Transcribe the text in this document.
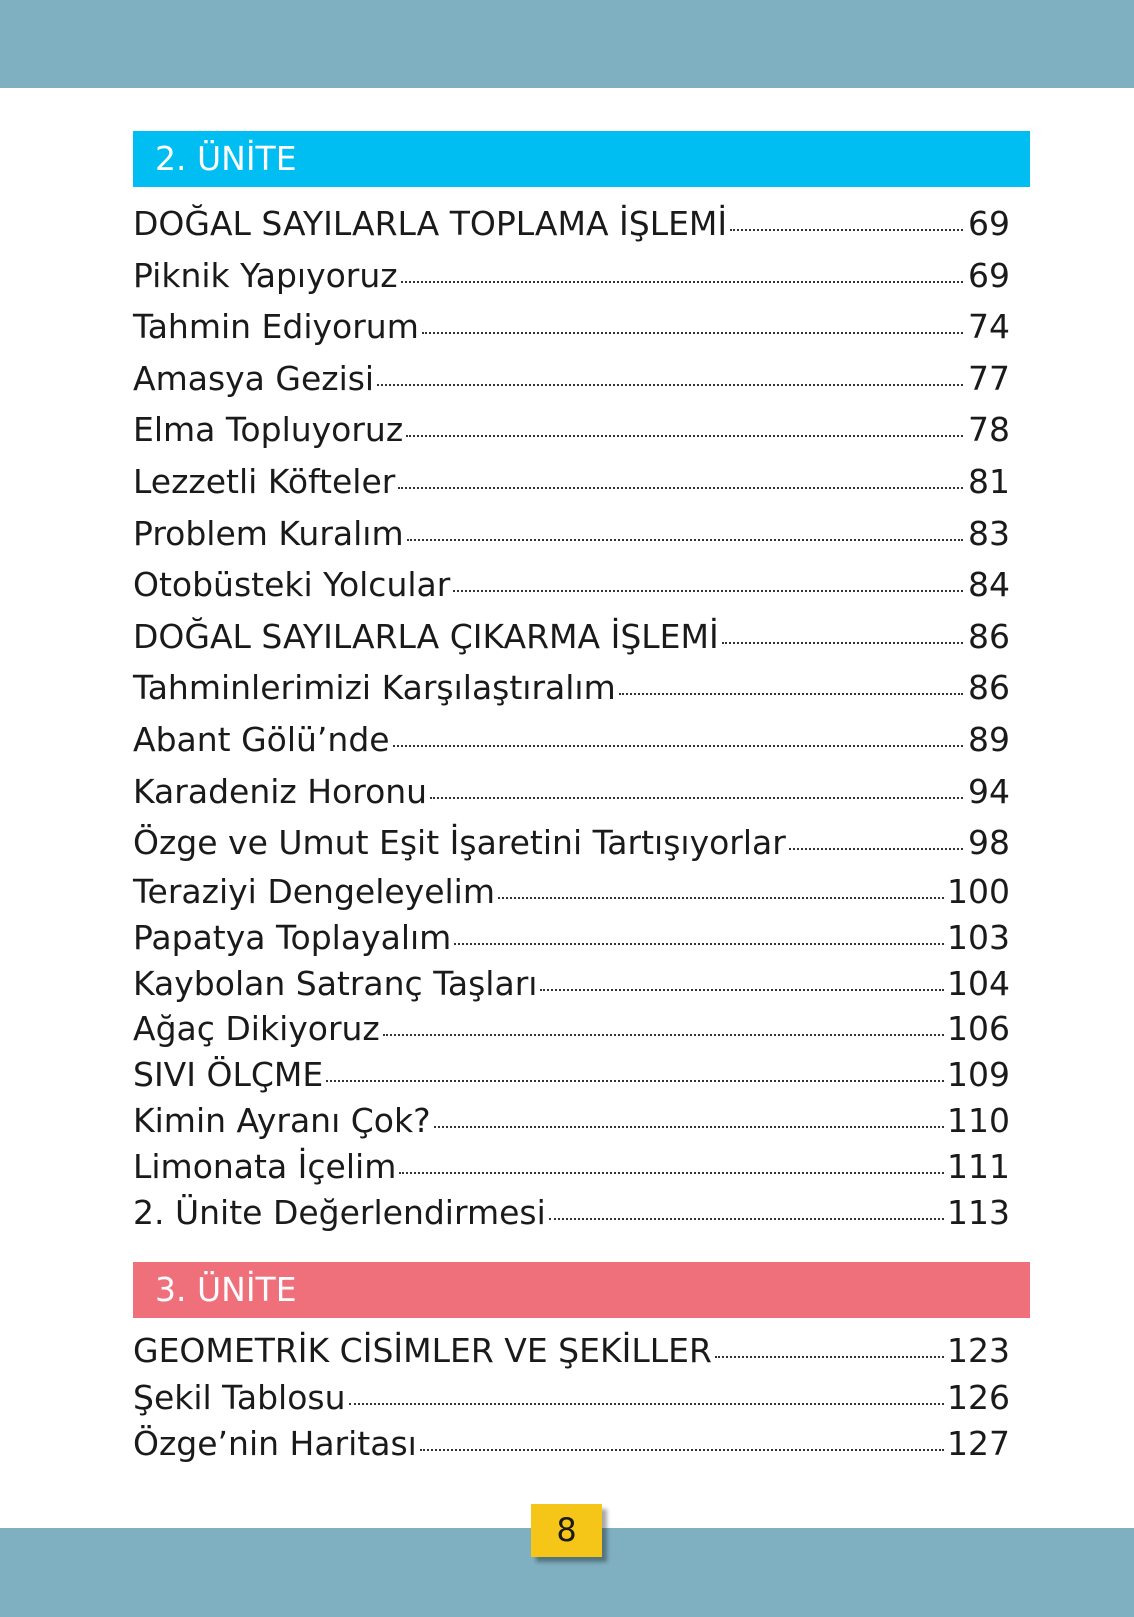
2. ÜNİTE
DOĞAL SAYILARLA TOPLAMA İŞLEMİ	69
Piknik Yapıyoruz	69
Tahmin Ediyorum	74
Amasya Gezisi	77
Elma Topluyoruz	78
Lezzetli Köfteler	81
Problem Kuralım	83
Otobüsteki Yolcular	84
DOĞAL SAYILARLA ÇIKARMA İŞLEMİ	86
Tahminlerimizi Karşılaştıralım	86
Abant Gölü’nde	89
Karadeniz Horonu	94
Özge ve Umut Eşit İşaretini Tartışıyorlar	98
Teraziyi Dengeleyelim	100
Papatya Toplayalım	103
Kaybolan Satranç Taşları	104
Ağaç Dikiyoruz	106
SIVI ÖLÇME	109
Kimin Ayranı Çok?	110
Limonata İçelim	111
2. Ünite Değerlendirmesi	113
3. ÜNİTE
GEOMETRİK CİSİMLER VE ŞEKİLLER	123
Şekil Tablosu	126
Özge’nin Haritası	127
8
